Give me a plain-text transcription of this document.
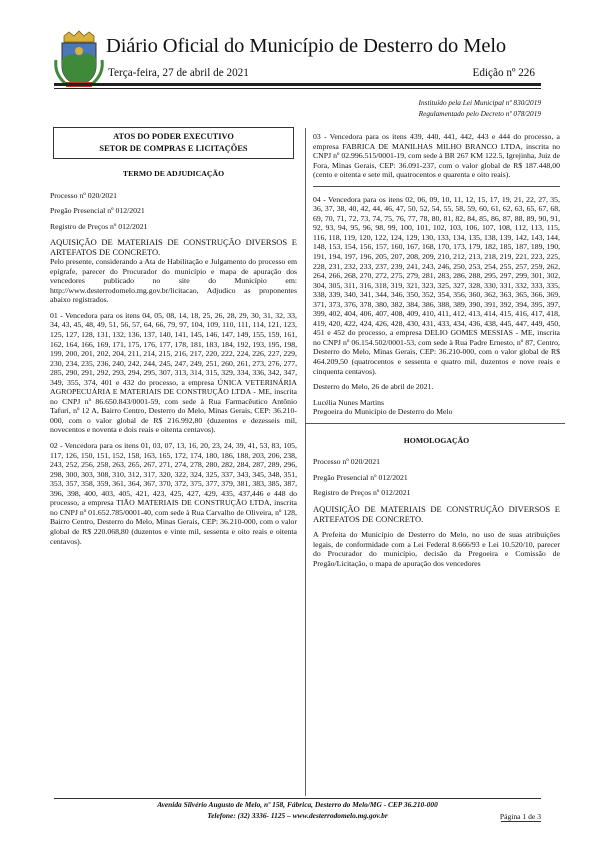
Diário Oficial do Município de Desterro do Melo
Terça-feira, 27 de abril de 2021	Edição nº 226
Instituído pela Lei Municipal nº 830/2019
Regulamentado pelo Decreto nº 078/2019
ATOS DO PODER EXECUTIVO
SETOR DE COMPRAS E LICITAÇÕES

TERMO DE ADJUDICAÇÃO

Processo nº 020/2021

Pregão Presencial nº 012/2021

Registro de Preços nº 012/2021

AQUISIÇÃO DE MATERIAIS DE CONSTRUÇÃO DIVERSOS E ARTEFATOS DE CONCRETO.

Pelo presente, considerando a Ata de Habilitação e Julgamento do processo em epígrafe, parecer do Procurador do município e mapa de apuração dos vencedores publicado no site do Município em: http://www.desterrodomelo.mg.gov.br/licitacao, Adjudico as proponentes abaixo registrados.

01 - Vencedora para os itens 04, 05, 08, 14, 18, 25, 26, 28, 29, 30, 31, 32, 33, 34, 43, 45, 48, 49, 51, 56, 57, 64, 66, 79, 97, 104, 109, 110, 111, 114, 121, 123, 125, 127, 128, 131, 132, 136, 137, 140, 141, 145, 146, 147, 149, 155, 159, 161, 162, 164, 166, 169, 171, 175, 176, 177, 178, 181, 183, 184, 192, 193, 195, 198, 199, 200, 201, 202, 204, 211, 214, 215, 216, 217, 220, 222, 224, 226, 227, 229, 230, 234, 235, 236, 240, 242, 244, 245, 247, 249, 251, 260, 261, 273, 276, 277, 285, 290, 291, 292, 293, 294, 295, 307, 313, 314, 315, 329, 334, 336, 342, 347, 349, 355, 374, 401 e 432 do processo, a empresa ÚNICA VETERINÁRIA AGROPECUÁRIA E MATERIAIS DE CONSTRUÇÃO LTDA - ME, inscrita no CNPJ nº 86.650.843/0001-59, com sede à Rua Farmacêutico Antônio Tafuri, nº 12 A, Bairro Centro, Desterro do Melo, Minas Gerais, CEP: 36.210-000, com o valor global de R$ 216.992,80 (duzentos e dezesseis mil, novecentos e noventa e dois reais e oitenta centavos).

02 - Vencedora para os itens 01, 03, 07, 13, 16, 20, 23, 24, 39, 41, 53, 83, 105, 117, 126, 150, 151, 152, 158, 163, 165, 172, 174, 180, 186, 188, 203, 206, 238, 243, 252, 256, 258, 263, 265, 267, 271, 274, 278, 280, 282, 284, 287, 289, 296, 298, 300, 303, 308, 310, 312, 317, 320, 322, 324, 325, 337, 343, 345, 348, 351, 353, 357, 358, 359, 361, 364, 367, 370, 372, 375, 377, 379, 381, 383, 385, 387, 396, 398, 400, 403, 405, 421, 423, 425, 427, 429, 435, 437,446 e 448 do processo, a empresa TIÃO MATERIAIS DE CONSTRUÇÃO LTDA, inscrita no CNPJ nº 01.652.785/0001-40, com sede à Rua Carvalho de Oliveira, nº 128, Bairro Centro, Desterro do Melo, Minas Gerais, CEP: 36.210-000, com o valor global de R$ 220.068,80 (duzentos e vinte mil, sessenta e oito reais e oitenta centavos).

03 - Vencedora para os itens 439, 440, 441, 442, 443 e 444 do processo, a empresa FABRICA DE MANILHAS MILHO BRANCO LTDA, inscrita no CNPJ nº 02.996.515/0001-19, com sede à BR 267 KM 122.5, Igrejinha, Juiz de Fora, Minas Gerais, CEP: 36.091-237, com o valor global de R$ 187.448,00 (cento e oitenta e sete mil, quatrocentos e quarenta e oito reais).

04 - Vencedora para os itens 02, 06, 09, 10, 11, 12, 15, 17, 19, 21, 22, 27, 35, 36, 37, 38, 40, 42, 44, 46, 47, 50, 52, 54, 55, 58, 59, 60, 61, 62, 63, 65, 67, 68, 69, 70, 71, 72, 73, 74, 75, 76, 77, 78, 80, 81, 82, 84, 85, 86, 87, 88, 89, 90, 91, 92, 93, 94, 95, 96, 98, 99, 100, 101, 102, 103, 106, 107, 108, 112, 113, 115, 116, 118, 119, 120, 122, 124, 129, 130, 133, 134, 135, 138, 139, 142, 143, 144, 148, 153, 154, 156, 157, 160, 167, 168, 170, 173, 179, 182, 185, 187, 189, 190, 191, 194, 197, 196, 205, 207, 208, 209, 210, 212, 213, 218, 219, 221, 223, 225, 228, 231, 232, 233, 237, 239, 241, 243, 246, 250, 253, 254, 255, 257, 259, 262, 264, 266, 268, 270, 272, 275, 279, 281, 283, 286, 288, 295, 297, 299, 301, 302, 304, 305, 311, 316, 318, 319, 321, 323, 325, 327, 328, 330, 331, 332, 333, 335, 338, 339, 340, 341, 344, 346, 350, 352, 354, 356, 360, 362, 363, 365, 366, 369, 371, 373, 376, 378, 380, 382, 384, 386, 388, 389, 390, 391, 392, 394, 395, 397, 399, 402, 404, 406, 407, 408, 409, 410, 411, 412, 413, 414, 415, 416, 417, 418, 419, 420, 422, 424, 426, 428, 430, 431, 433, 434, 436, 438, 445, 447, 449, 450, 451 e 452 do processo, a empresa DELIO GOMES MESSIAS - ME, inscrita no CNPJ nº 06.154.502/0001-53, com sede à Rua Padre Ernesto, nº 87, Centro, Desterro do Melo, Minas Gerais, CEP: 36.210-000, com o valor global de R$ 464.209,50 (quatrocentos e sessenta e quatro mil, duzentos e nove reais e cinquenta centavos).

Desterro do Melo, 26 de abril de 2021.

Lucélia Nunes Martins

Pregoeira do Município de Desterro do Melo

HOMOLOGAÇÃO

Processo nº 020/2021

Pregão Presencial nº 012/2021

Registro de Preços nº 012/2021

AQUISIÇÃO DE MATERIAIS DE CONSTRUÇÃO DIVERSOS E ARTEFATOS DE CONCRETO.

A Prefeita do Município de Desterro do Melo, no uso de suas atribuições legais, de conformidade com a Lei Federal 8.666/93 e Lei 10.520/10, parecer do Procurador do município, decisão da Pregoeira e Comissão de Pregão/Licitação, o mapa de apuração dos vencedores

Avenida Silvério Augusto de Melo, nº 158, Fábrica, Desterro do Melo/MG - CEP 36.210-000
Telefone: (32) 3336- 1125 – www.desterrodomelo.mg.gov.br	Página 1 de 3
